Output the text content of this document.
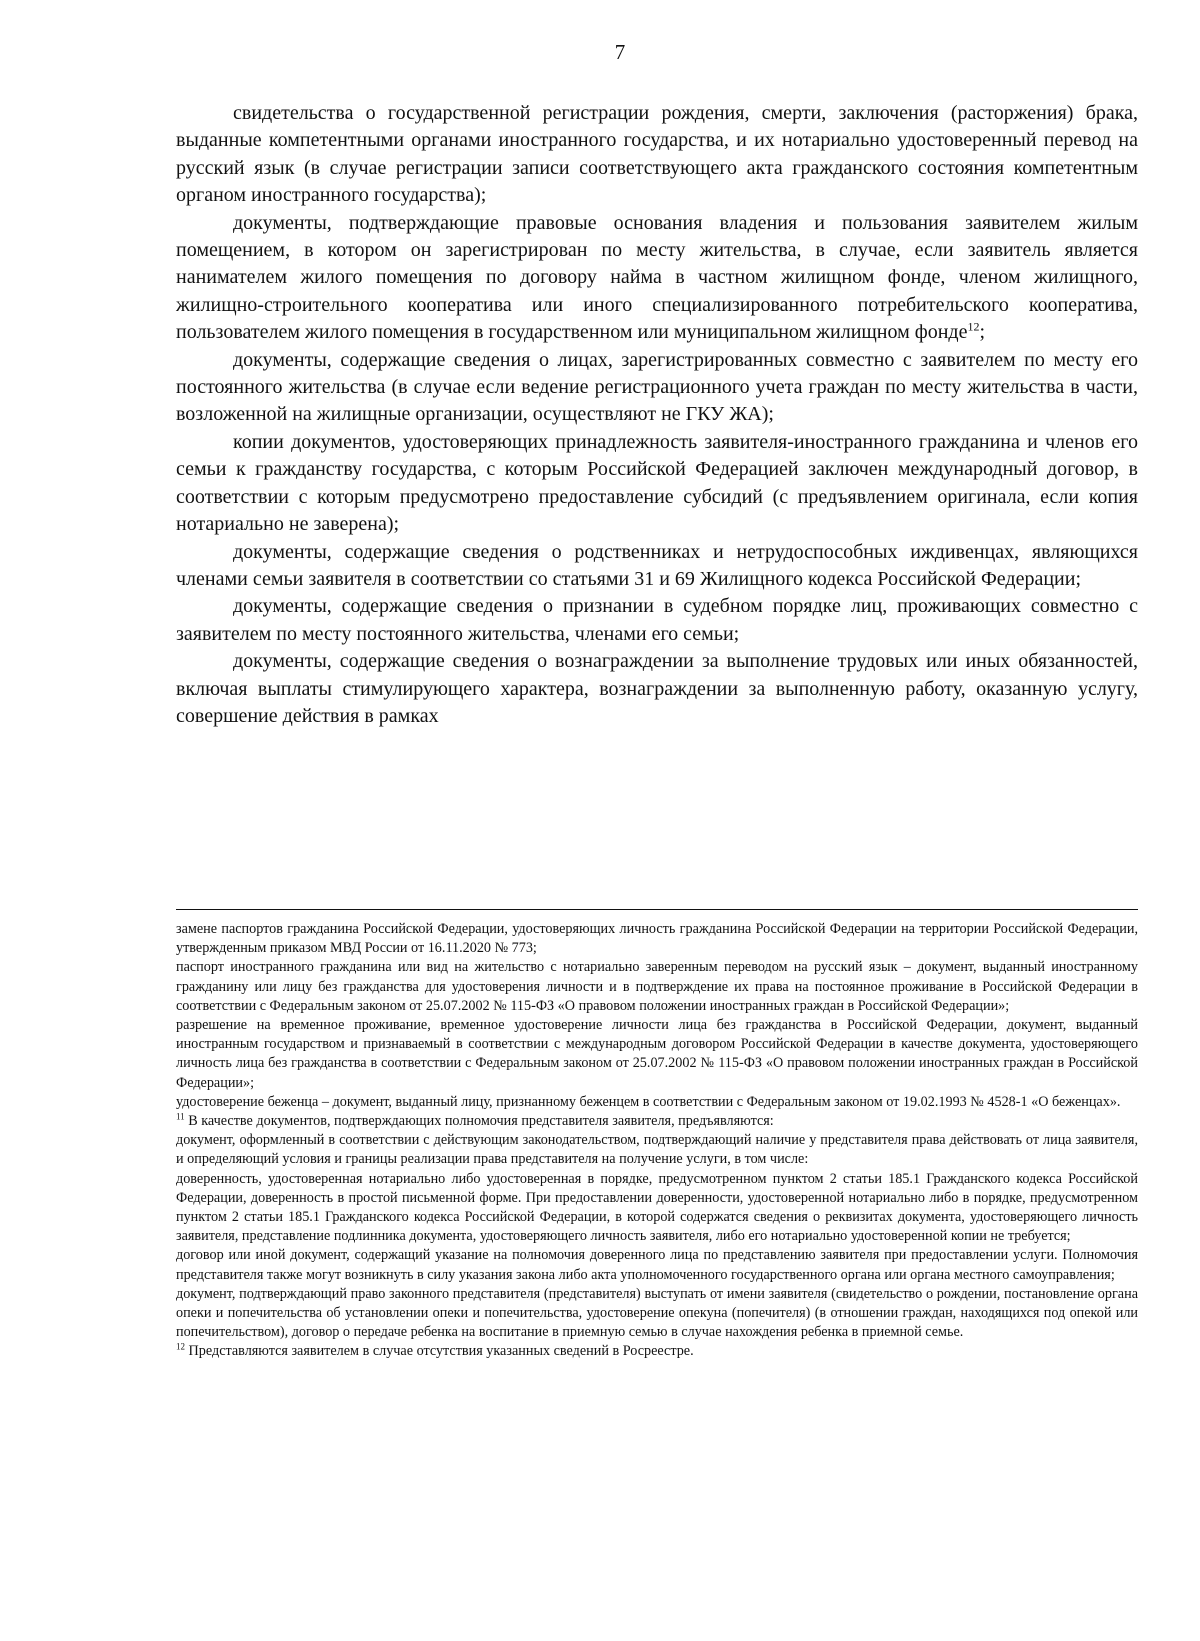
7

свидетельства о государственной регистрации рождения, смерти, заключения (расторжения) брака, выданные компетентными органами иностранного государства, и их нотариально удостоверенный перевод на русский язык (в случае регистрации записи соответствующего акта гражданского состояния компетентным органом иностранного государства);

документы, подтверждающие правовые основания владения и пользования заявителем жилым помещением, в котором он зарегистрирован по месту жительства, в случае, если заявитель является нанимателем жилого помещения по договору найма в частном жилищном фонде, членом жилищного, жилищно-строительного кооператива или иного специализированного потребительского кооператива, пользователем жилого помещения в государственном или муниципальном жилищном фонде$^{12}$;

документы, содержащие сведения о лицах, зарегистрированных совместно с заявителем по месту его постоянного жительства (в случае если ведение регистрационного учета граждан по месту жительства в части, возложенной на жилищные организации, осуществляют не ГКУ ЖА);

копии документов, удостоверяющих принадлежность заявителя-иностранного гражданина и членов его семьи к гражданству государства, с которым Российской Федерацией заключен международный договор, в соответствии с которым предусмотрено предоставление субсидий (с предъявлением оригинала, если копия нотариально не заверена);

документы, содержащие сведения о родственниках и нетрудоспособных иждивенцах, являющихся членами семьи заявителя в соответствии со статьями 31 и 69 Жилищного кодекса Российской Федерации;

документы, содержащие сведения о признании в судебном порядке лиц, проживающих совместно с заявителем по месту постоянного жительства, членами его семьи;

документы, содержащие сведения о вознаграждении за выполнение трудовых или иных обязанностей, включая выплаты стимулирующего характера, вознаграждении за выполненную работу, оказанную услугу, совершение действия в рамках

замене паспортов гражданина Российской Федерации, удостоверяющих личность гражданина Российской Федерации на территории Российской Федерации, утвержденным приказом МВД России от 16.11.2020 № 773;

паспорт иностранного гражданина или вид на жительство с нотариально заверенным переводом на русский язык – документ, выданный иностранному гражданину или лицу без гражданства для удостоверения личности и в подтверждение их права на постоянное проживание в Российской Федерации в соответствии с Федеральным законом от 25.07.2002 № 115-ФЗ «О правовом положении иностранных граждан в Российской Федерации»;

разрешение на временное проживание, временное удостоверение личности лица без гражданства в Российской Федерации, документ, выданный иностранным государством и признаваемый в соответствии с международным договором Российской Федерации в качестве документа, удостоверяющего личность лица без гражданства в соответствии с Федеральным законом от 25.07.2002 № 115-ФЗ «О правовом положении иностранных граждан в Российской Федерации»;

удостоверение беженца – документ, выданный лицу, признанному беженцем в соответствии с Федеральным законом от 19.02.1993 № 4528-1 «О беженцах».

$^{11}$ В качестве документов, подтверждающих полномочия представителя заявителя, предъявляются:

документ, оформленный в соответствии с действующим законодательством, подтверждающий наличие у представителя права действовать от лица заявителя, и определяющий условия и границы реализации права представителя на получение услуги, в том числе:

доверенность, удостоверенная нотариально либо удостоверенная в порядке, предусмотренном пунктом 2 статьи 185.1 Гражданского кодекса Российской Федерации, доверенность в простой письменной форме. При предоставлении доверенности, удостоверенной нотариально либо в порядке, предусмотренном пунктом 2 статьи 185.1 Гражданского кодекса Российской Федерации, в которой содержатся сведения о реквизитах документа, удостоверяющего личность заявителя, представление подлинника документа, удостоверяющего личность заявителя, либо его нотариально удостоверенной копии не требуется;

договор или иной документ, содержащий указание на полномочия доверенного лица по представлению заявителя при предоставлении услуги. Полномочия представителя также могут возникнуть в силу указания закона либо акта уполномоченного государственного органа или органа местного самоуправления;

документ, подтверждающий право законного представителя (представителя) выступать от имени заявителя (свидетельство о рождении, постановление органа опеки и попечительства об установлении опеки и попечительства, удостоверение опекуна (попечителя) (в отношении граждан, находящихся под опекой или попечительством), договор о передаче ребенка на воспитание в приемную семью в случае нахождения ребенка в приемной семье.

$^{12}$ Представляются заявителем в случае отсутствия указанных сведений в Росреестре.
